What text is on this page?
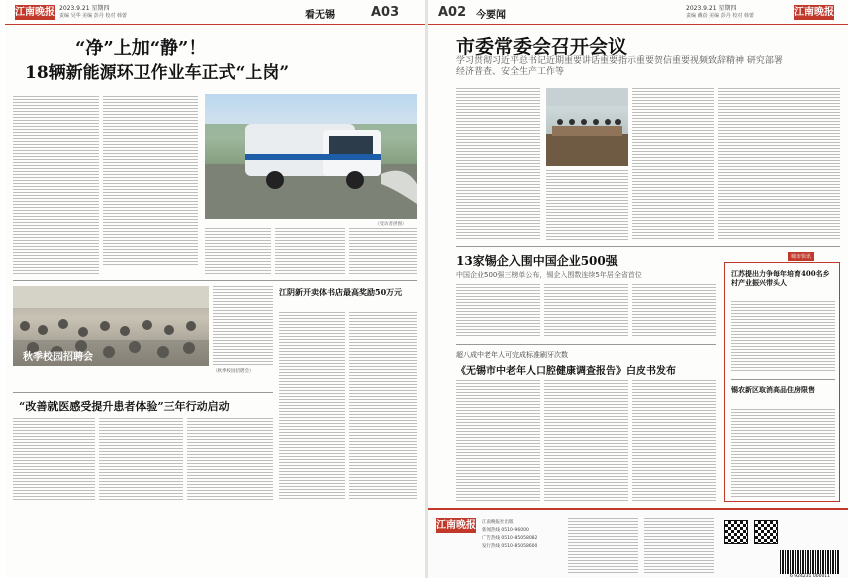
江南晚报 2023.9.21 星期四
责编 吴华 美编 彭丹 校对 韩蕾	看无锡	A03
“净”上加“静”！
18辆新能源环卫作业车正式“上岗”
（受访者供图）
秋季校园招聘会
（秋季校园招聘会）
江阴新开卖体书店最高奖励50万元
“改善就医感受提升患者体验”三年行动启动
A02 今要闻
2023.9.21 星期四
责编 戴蓓 美编 彭丹 校对 韩蕾	江南晚报
市委常委会召开会议
学习贯彻习近平总书记近期重要讲话重要指示重要贺信重要视频致辞精神 研究部署经济普查、安全生产工作等
13家锡企入围中国企业500强
中国企业500强三榜单公布，锡企入围数连续5年居全省首位
超八成中老年人可完成标准刷牙次数
《无锡市中老年人口腔健康调查报告》白皮书发布
城市快讯
江苏提出力争每年培育400名乡村产业振兴带头人
锡农新区取消高品住房限售
江南晚报 江南晚报社出版
新闻热线 0510-96000
广告热线 0510-85058082
发行热线 0510-85058600
6 924231 000011
